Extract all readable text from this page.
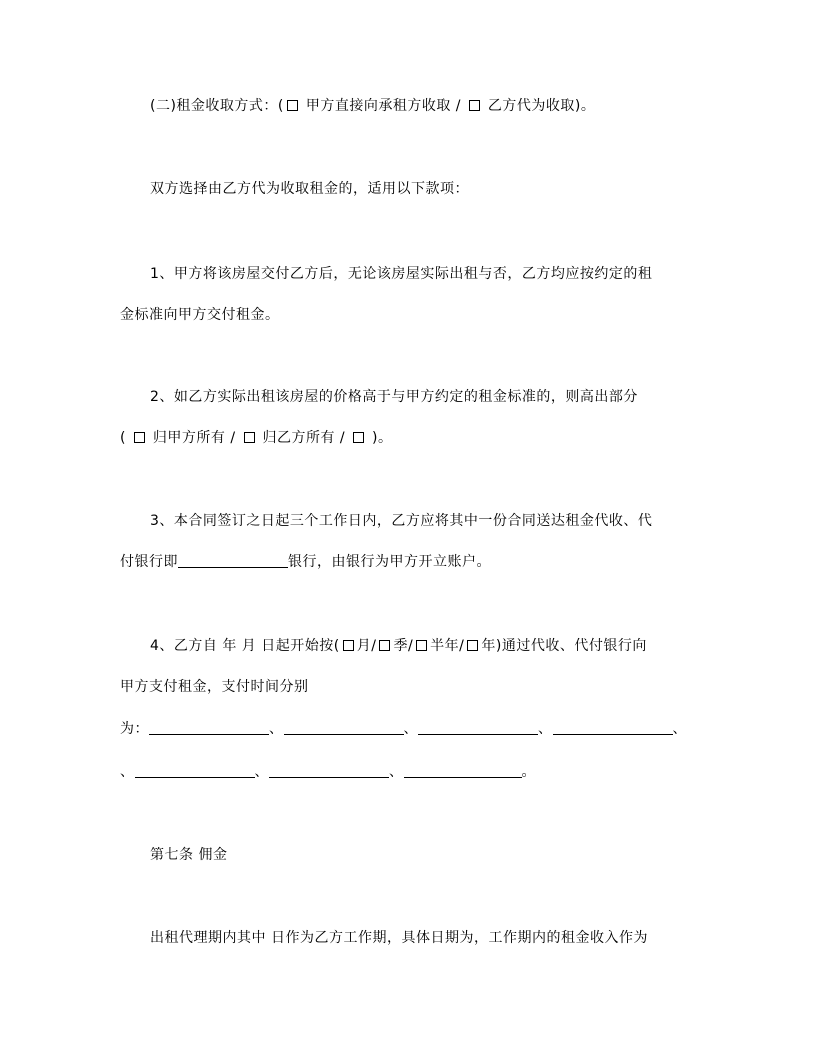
(二)租金收取方式：( 甲方直接向承租方收取 / 乙方代为收取)。
双方选择由乙方代为收取租金的，适用以下款项：
1、甲方将该房屋交付乙方后，无论该房屋实际出租与否，乙方均应按约定的租
金标准向甲方交付租金。
2、如乙方实际出租该房屋的价格高于与甲方约定的租金标准的，则高出部分
( 归甲方所有 / 归乙方所有 / )。
3、本合同签订之日起三个工作日内，乙方应将其中一份合同送达租金代收、代
付银行即	银行，由银行为甲方开立账户。
4、乙方自 年 月 日起开始按( 月/ 季/ 半年/ 年)通过代收、代付银行向
甲方支付租金，支付时间分别
为：	、	、	、	、
、	、	、	。
第七条 佣金
出租代理期内其中 日作为乙方工作期，具体日期为，工作期内的租金收入作为
